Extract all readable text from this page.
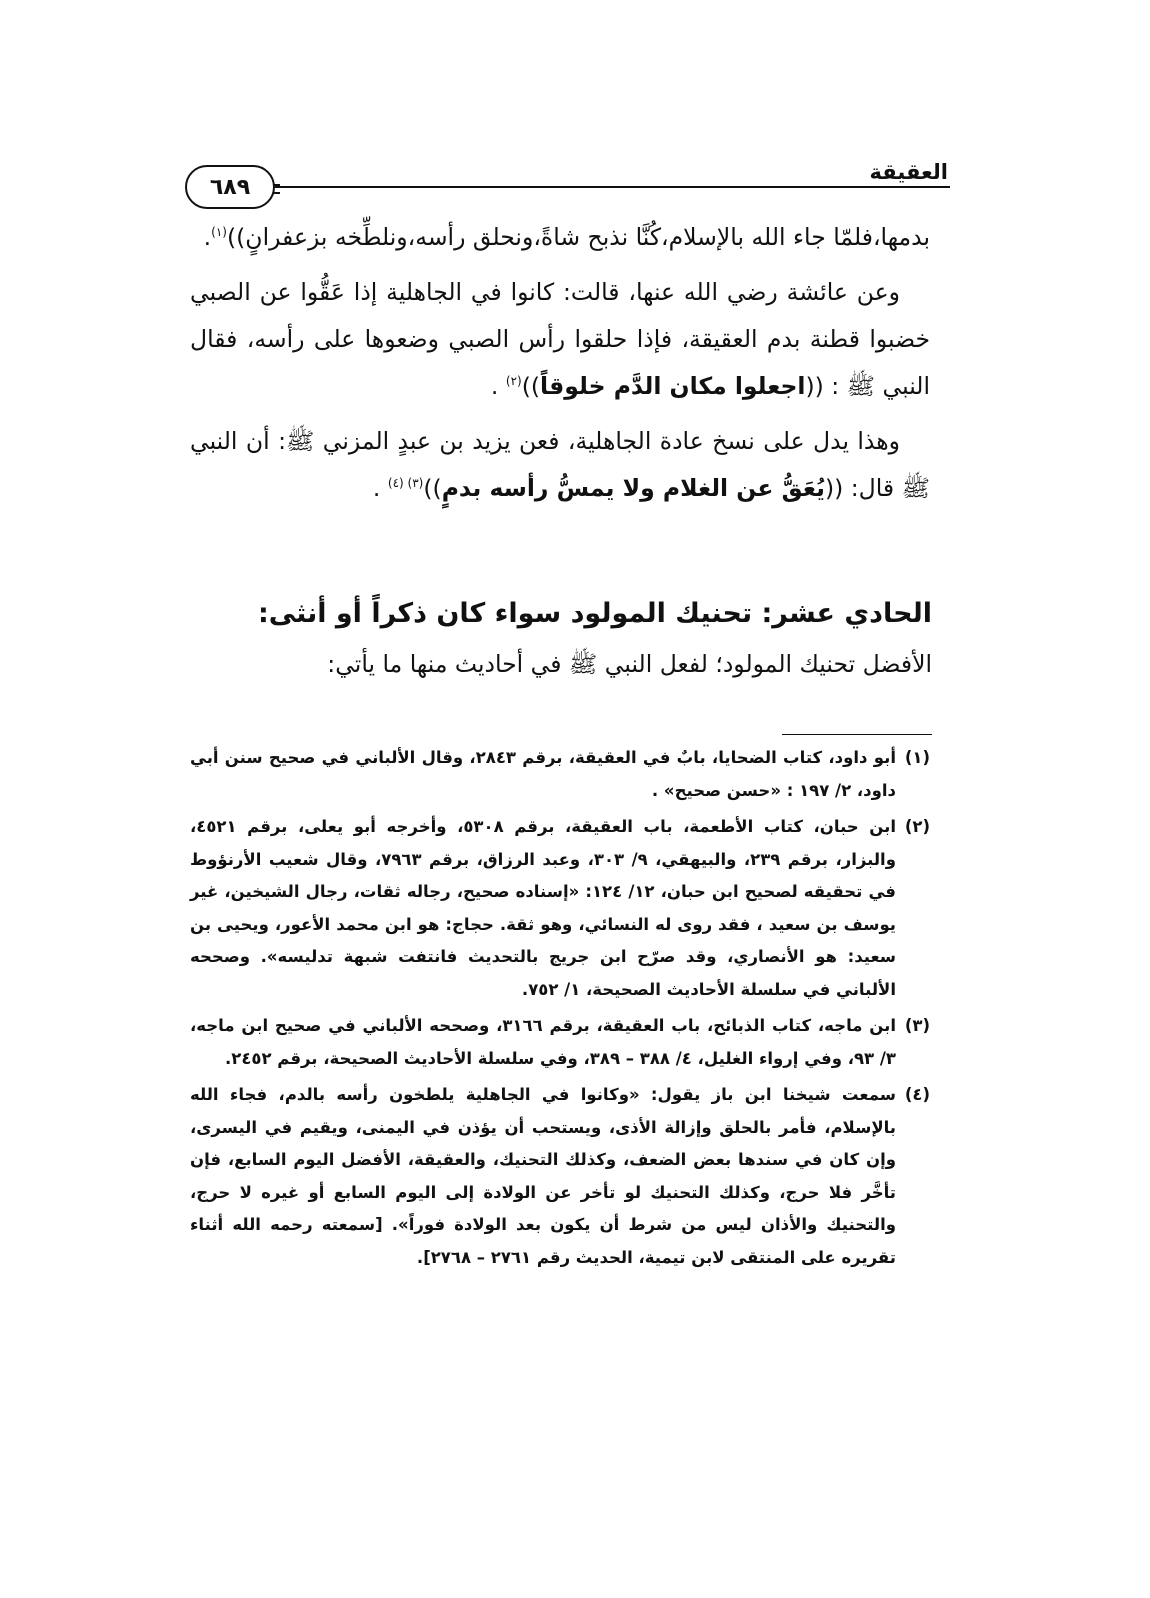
العقيقة
٦٨٩

بدمها،فلمّا جاء الله بالإسلام،كُنَّا نذبح شاةً،ونحلق رأسه،ونلطِّخه بزعفرانٍ))$^{(١)}$.

وعن عائشة رضي الله عنها، قالت: كانوا في الجاهلية إذا عَقُّوا عن الصبي خضبوا قطنة بدم العقيقة، فإذا حلقوا رأس الصبي وضعوها على رأسه، فقال النبي ﷺ : ((اجعلوا مكان الدَّم خلوقاً))$^{(٢)}$ .

وهذا يدل على نسخ عادة الجاهلية، فعن يزيد بن عبدٍ المزني ﷺ: أن النبي ﷺ قال: ((يُعَقُّ عن الغلام ولا يمسُّ رأسه بدمٍ))$^{(٣) (٤)}$ .

الحادي عشر: تحنيك المولود سواء كان ذكراً أو أنثى:
الأفضل تحنيك المولود؛ لفعل النبي ﷺ في أحاديث منها ما يأتي:
(١)
أبو داود، كتاب الضحايا، بابٌ في العقيقة، برقم ٢٨٤٣، وقال الألباني في صحيح سنن أبي داود، ٢/ ١٩٧ : «حسن صحيح» .
(٢)
ابن حبان، كتاب الأطعمة، باب العقيقة، برقم ٥٣٠٨، وأخرجه أبو يعلى، برقم ٤٥٢١، والبزار، برقم ٢٣٩، والبيهقي، ٩/ ٣٠٣، وعبد الرزاق، برقم ٧٩٦٣، وقال شعيب الأرنؤوط في تحقيقه لصحيح ابن حبان، ١٢/ ١٢٤: «إسناده صحيح، رجاله ثقات، رجال الشيخين، غير يوسف بن سعيد ، فقد روى له النسائي، وهو ثقة. حجاج: هو ابن محمد الأعور، ويحيى بن سعيد: هو الأنصاري، وقد صرّح ابن جريج بالتحديث فانتفت شبهة تدليسه». وصححه الألباني في سلسلة الأحاديث الصحيحة، ١/ ٧٥٢.
(٣)
ابن ماجه، كتاب الذبائح، باب العقيقة، برقم ٣١٦٦، وصححه الألباني في صحيح ابن ماجه، ٣/ ٩٣، وفي إرواء الغليل، ٤/ ٣٨٨ – ٣٨٩، وفي سلسلة الأحاديث الصحيحة، برقم ٢٤٥٢.
(٤)
سمعت شيخنا ابن باز يقول: «وكانوا في الجاهلية يلطخون رأسه بالدم، فجاء الله بالإسلام، فأمر بالحلق وإزالة الأذى، ويستحب أن يؤذن في اليمنى، ويقيم في اليسرى، وإن كان في سندها بعض الضعف، وكذلك التحنيك، والعقيقة، الأفضل اليوم السابع، فإن تأخَّر فلا حرج، وكذلك التحنيك لو تأخر عن الولادة إلى اليوم السابع أو غيره لا حرج، والتحنيك والأذان ليس من شرط أن يكون بعد الولادة فوراً». [سمعته رحمه الله أثناء تقريره على المنتقى لابن تيمية، الحديث رقم ٢٧٦١ – ٢٧٦٨].
